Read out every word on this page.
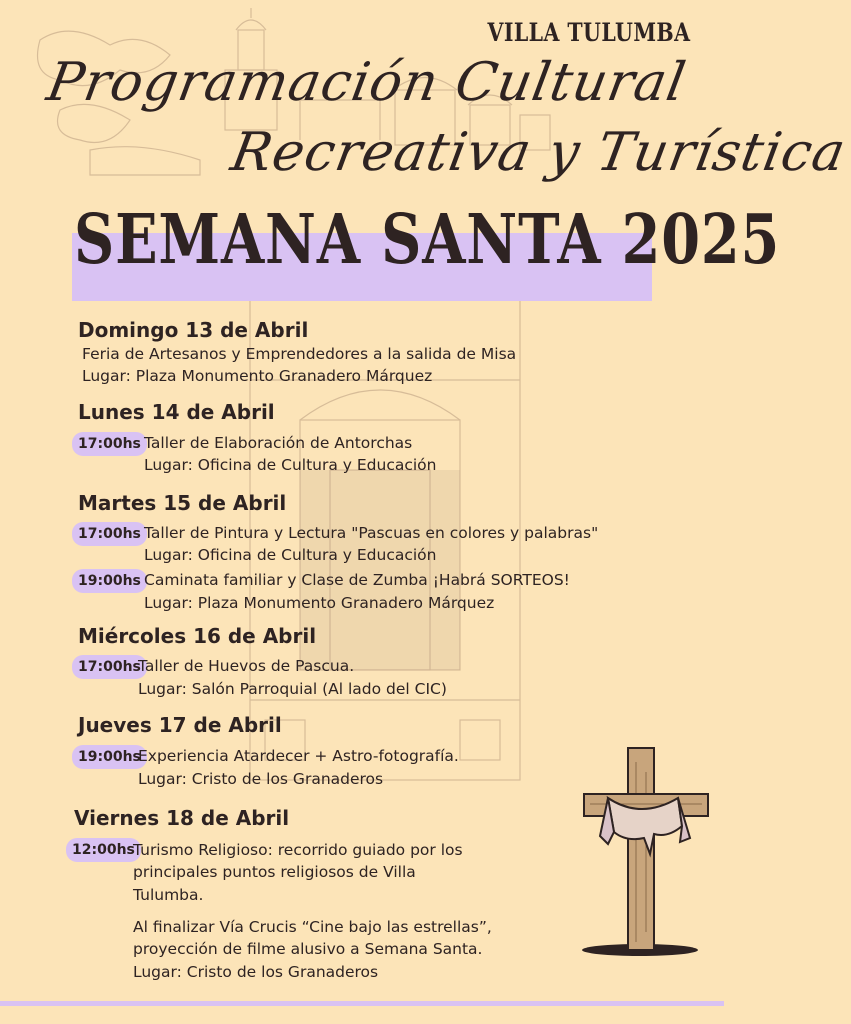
VILLA TULUMBA
Programación Cultural
Recreativa y Turística
SEMANA SANTA 2025
Domingo 13 de Abril
Feria de Artesanos y Emprendedores a la salida de Misa
Lugar: Plaza Monumento Granadero Márquez
Lunes 14 de Abril
17:00hs Taller de Elaboración de Antorchas
Lugar: Oficina de Cultura y Educación
Martes 15 de Abril
17:00hs Taller de Pintura y Lectura "Pascuas en colores y palabras"
Lugar: Oficina de Cultura y Educación
19:00hs Caminata familiar y Clase de Zumba ¡Habrá SORTEOS!
Lugar: Plaza Monumento Granadero Márquez
Miércoles 16 de Abril
17:00hs
Taller de Huevos de Pascua.
Lugar: Salón Parroquial (Al lado del CIC)
Jueves 17 de Abril
19:00hs
Experiencia Atardecer + Astro-fotografía.
Lugar: Cristo de los Granaderos
Viernes 18 de Abril
12:00hs
Turismo Religioso: recorrido guiado por los
principales puntos religiosos de Villa
Tulumba.
Al finalizar Vía Crucis “Cine bajo las estrellas”,
proyección de filme alusivo a Semana Santa.
Lugar: Cristo de los Granaderos
